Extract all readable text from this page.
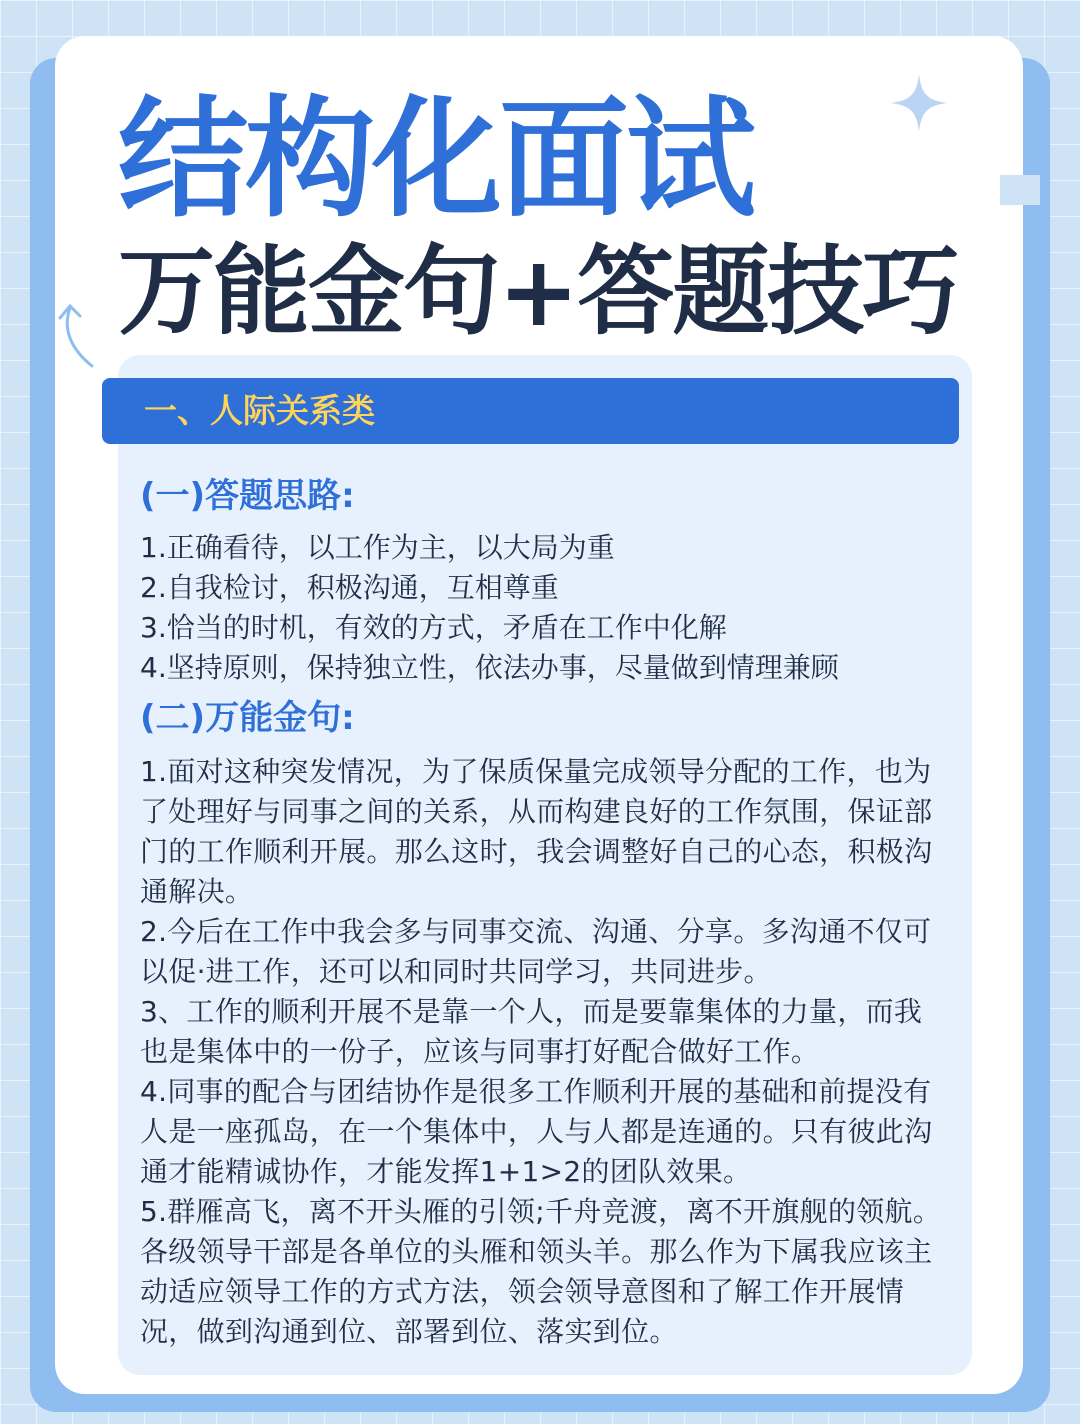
结构化面试
万能金句+答题技巧
一、人际关系类
(一)答题思路:
1.正确看待，以工作为主，以大局为重
2.自我检讨，积极沟通，互相尊重
3.恰当的时机，有效的方式，矛盾在工作中化解
4.坚持原则，保持独立性，依法办事，尽量做到情理兼顾
(二)万能金句:
1.面对这种突发情况，为了保质保量完成领导分配的工作，也为了处理好与同事之间的关系，从而构建良好的工作氛围，保证部门的工作顺利开展。那么这时，我会调整好自己的心态，积极沟通解决。
2.今后在工作中我会多与同事交流、沟通、分享。多沟通不仅可以促·进工作，还可以和同时共同学习，共同进步。
3、工作的顺利开展不是靠一个人，而是要靠集体的力量，而我也是集体中的一份子，应该与同事打好配合做好工作。
4.同事的配合与团结协作是很多工作顺利开展的基础和前提没有人是一座孤岛，在一个集体中，人与人都是连通的。只有彼此沟通才能精诚协作，才能发挥1+1>2的团队效果。
5.群雁高飞，离不开头雁的引领;千舟竞渡，离不开旗舰的领航。各级领导干部是各单位的头雁和领头羊。那么作为下属我应该主动适应领导工作的方式方法，领会领导意图和了解工作开展情况，做到沟通到位、部署到位、落实到位。
